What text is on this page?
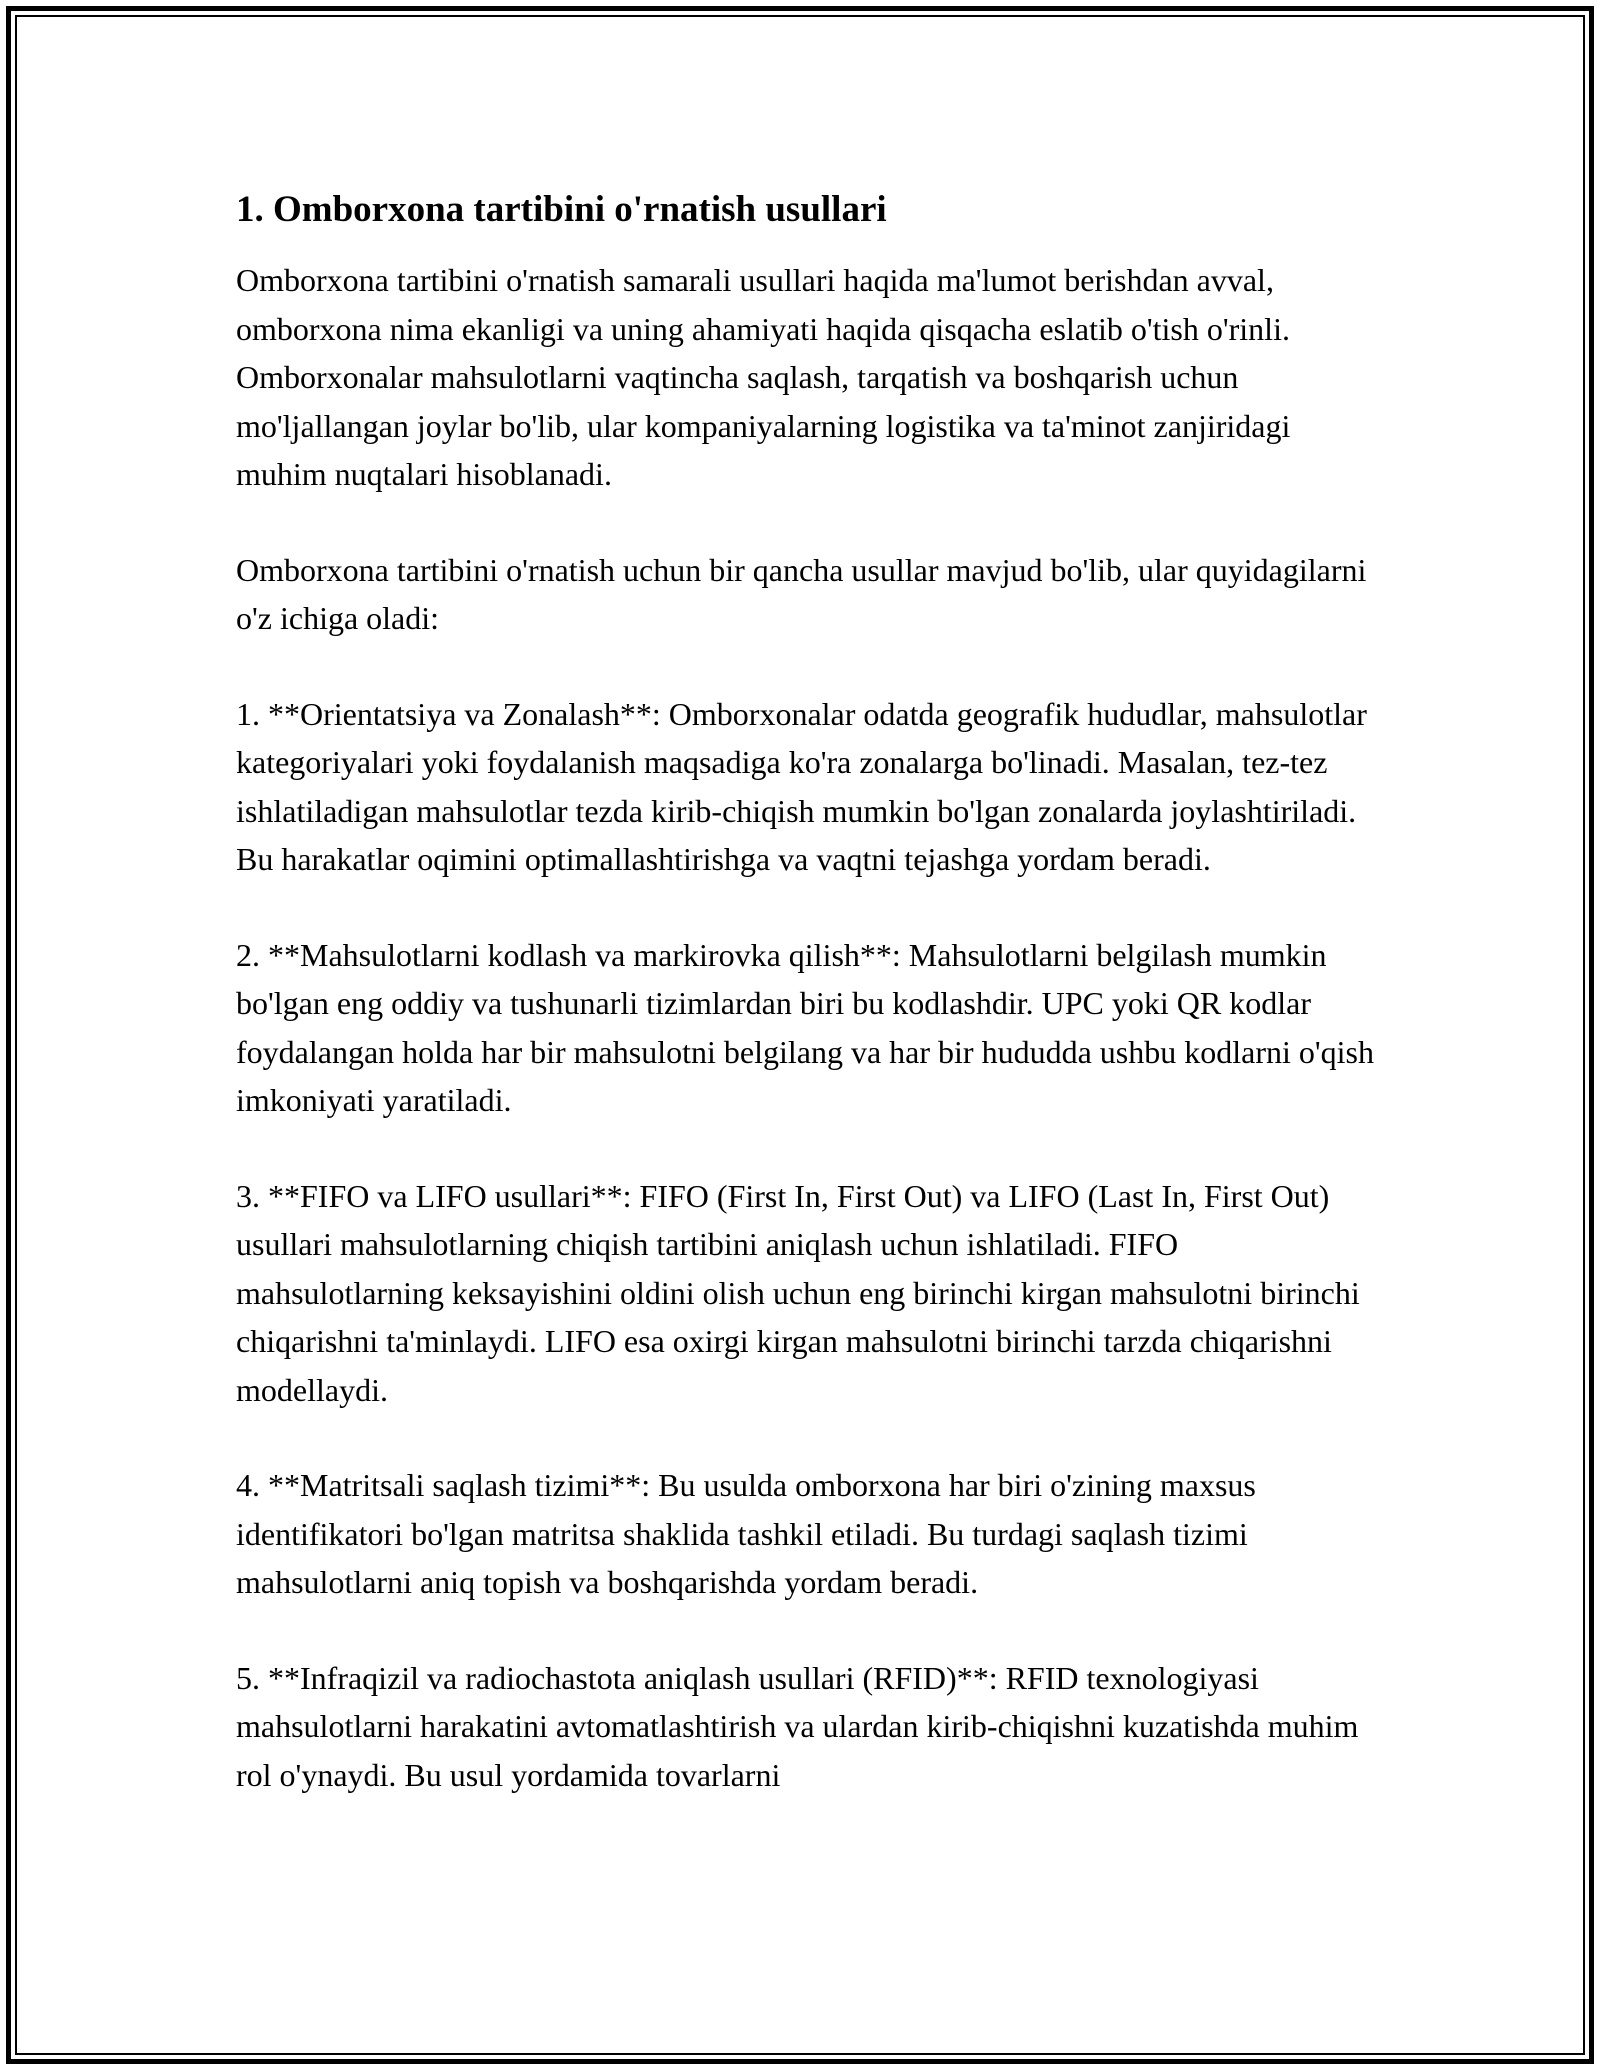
1. Omborxona tartibini o'rnatish usullari

Omborxona tartibini o'rnatish samarali usullari haqida ma'lumot berishdan avval, omborxona nima ekanligi va uning ahamiyati haqida qisqacha eslatib o'tish o'rinli. Omborxonalar mahsulotlarni vaqtincha saqlash, tarqatish va boshqarish uchun mo'ljallangan joylar bo'lib, ular kompaniyalarning logistika va ta'minot zanjiridagi muhim nuqtalari hisoblanadi.

Omborxona tartibini o'rnatish uchun bir qancha usullar mavjud bo'lib, ular quyidagilarni o'z ichiga oladi:

1. **Orientatsiya va Zonalash**: Omborxonalar odatda geografik hududlar, mahsulotlar kategoriyalari yoki foydalanish maqsadiga ko'ra zonalarga bo'linadi. Masalan, tez-tez ishlatiladigan mahsulotlar tezda kirib-chiqish mumkin bo'lgan zonalarda joylashtiriladi. Bu harakatlar oqimini optimallashtirishga va vaqtni tejashga yordam beradi.

2. **Mahsulotlarni kodlash va markirovka qilish**: Mahsulotlarni belgilash mumkin bo'lgan eng oddiy va tushunarli tizimlardan biri bu kodlashdir. UPC yoki QR kodlar foydalangan holda har bir mahsulotni belgilang va har bir hududda ushbu kodlarni o'qish imkoniyati yaratiladi.

3. **FIFO va LIFO usullari**: FIFO (First In, First Out) va LIFO (Last In, First Out) usullari mahsulotlarning chiqish tartibini aniqlash uchun ishlatiladi. FIFO mahsulotlarning keksayishini oldini olish uchun eng birinchi kirgan mahsulotni birinchi chiqarishni ta'minlaydi. LIFO esa oxirgi kirgan mahsulotni birinchi tarzda chiqarishni modellaydi.

4. **Matritsali saqlash tizimi**: Bu usulda omborxona har biri o'zining maxsus identifikatori bo'lgan matritsa shaklida tashkil etiladi. Bu turdagi saqlash tizimi mahsulotlarni aniq topish va boshqarishda yordam beradi.

5. **Infraqizil va radiochastota aniqlash usullari (RFID)**: RFID texnologiyasi mahsulotlarni harakatini avtomatlashtirish va ulardan kirib-chiqishni kuzatishda muhim rol o'ynaydi. Bu usul yordamida tovarlarni
